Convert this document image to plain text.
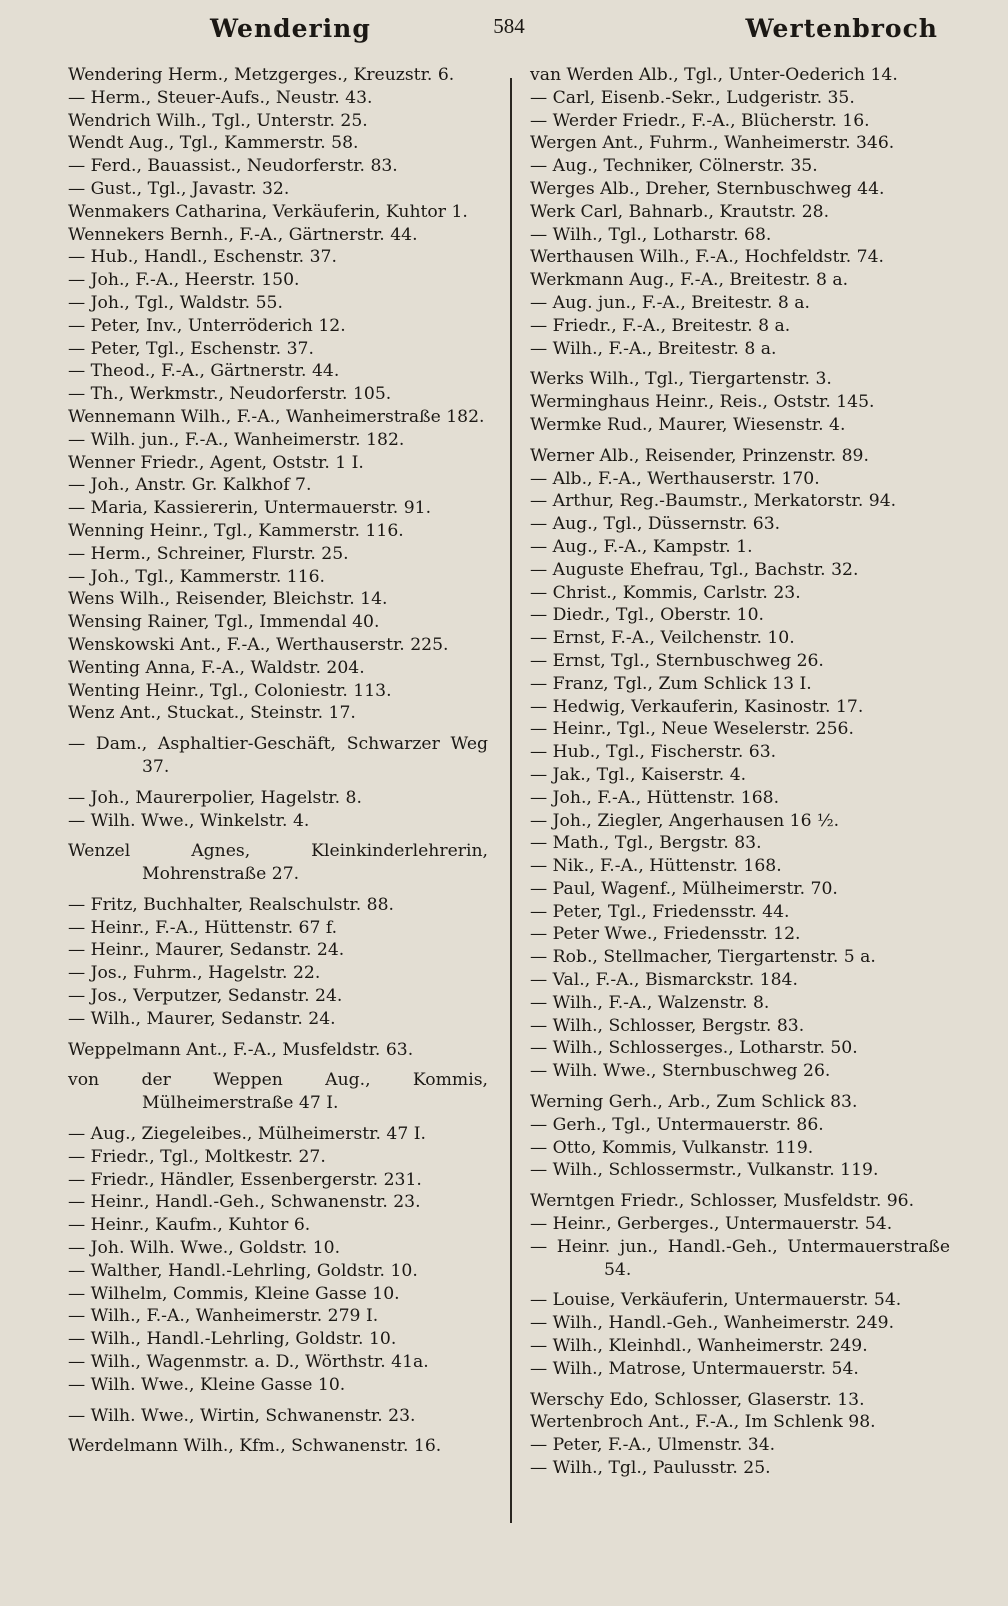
Wendering	584	Wertenbroch
Wendering Herm., Metzgerges., Kreuzstr. 6.
— Herm., Steuer-Aufs., Neustr. 43.
Wendrich Wilh., Tgl., Unterstr. 25.
Wendt Aug., Tgl., Kammerstr. 58.
— Ferd., Bauassist., Neudorferstr. 83.
— Gust., Tgl., Javastr. 32.
Wenmakers Catharina, Verkäuferin, Kuhtor 1.
Wennekers Bernh., F.-A., Gärtnerstr. 44.
— Hub., Handl., Eschenstr. 37.
— Joh., F.-A., Heerstr. 150.
— Joh., Tgl., Waldstr. 55.
— Peter, Inv., Unterröderich 12.
— Peter, Tgl., Eschenstr. 37.
— Theod., F.-A., Gärtnerstr. 44.
— Th., Werkmstr., Neudorferstr. 105.
Wennemann Wilh., F.-A., Wanheimerstraße 182.
— Wilh. jun., F.-A., Wanheimerstr. 182.
Wenner Friedr., Agent, Oststr. 1 I.
— Joh., Anstr. Gr. Kalkhof 7.
— Maria, Kassiererin, Untermauerstr. 91.
Wenning Heinr., Tgl., Kammerstr. 116.
— Herm., Schreiner, Flurstr. 25.
— Joh., Tgl., Kammerstr. 116.
Wens Wilh., Reisender, Bleichstr. 14.
Wensing Rainer, Tgl., Immendal 40.
Wenskowski Ant., F.-A., Werthauserstr. 225.
Wenting Anna, F.-A., Waldstr. 204.
Wenting Heinr., Tgl., Coloniestr. 113.
Wenz Ant., Stuckat., Steinstr. 17.
— Dam., Asphaltier-Geschäft, Schwarzer Weg 37.
— Joh., Maurerpolier, Hagelstr. 8.
— Wilh. Wwe., Winkelstr. 4.
Wenzel Agnes, Kleinkinderlehrerin, Mohrenstraße 27.
— Fritz, Buchhalter, Realschulstr. 88.
— Heinr., F.-A., Hüttenstr. 67 f.
— Heinr., Maurer, Sedanstr. 24.
— Jos., Fuhrm., Hagelstr. 22.
— Jos., Verputzer, Sedanstr. 24.
— Wilh., Maurer, Sedanstr. 24.
Weppelmann Ant., F.-A., Musfeldstr. 63.
von der Weppen Aug., Kommis, Mülheimerstraße 47 I.
— Aug., Ziegeleibes., Mülheimerstr. 47 I.
— Friedr., Tgl., Moltkestr. 27.
— Friedr., Händler, Essenbergerstr. 231.
— Heinr., Handl.-Geh., Schwanenstr. 23.
— Heinr., Kaufm., Kuhtor 6.
— Joh. Wilh. Wwe., Goldstr. 10.
— Walther, Handl.-Lehrling, Goldstr. 10.
— Wilhelm, Commis, Kleine Gasse 10.
— Wilh., F.-A., Wanheimerstr. 279 I.
— Wilh., Handl.-Lehrling, Goldstr. 10.
— Wilh., Wagenmstr. a. D., Wörthstr. 41a.
— Wilh. Wwe., Kleine Gasse 10.
— Wilh. Wwe., Wirtin, Schwanenstr. 23.
Werdelmann Wilh., Kfm., Schwanenstr. 16.
van Werden Alb., Tgl., Unter-Oederich 14.
— Carl, Eisenb.-Sekr., Ludgeristr. 35.
— Werder Friedr., F.-A., Blücherstr. 16.
Wergen Ant., Fuhrm., Wanheimerstr. 346.
— Aug., Techniker, Cölnerstr. 35.
Werges Alb., Dreher, Sternbuschweg 44.
Werk Carl, Bahnarb., Krautstr. 28.
— Wilh., Tgl., Lotharstr. 68.
Werthausen Wilh., F.-A., Hochfeldstr. 74.
Werkmann Aug., F.-A., Breitestr. 8 a.
— Aug. jun., F.-A., Breitestr. 8 a.
— Friedr., F.-A., Breitestr. 8 a.
— Wilh., F.-A., Breitestr. 8 a.
Werks Wilh., Tgl., Tiergartenstr. 3.
Werminghaus Heinr., Reis., Oststr. 145.
Wermke Rud., Maurer, Wiesenstr. 4.
Werner Alb., Reisender, Prinzenstr. 89.
— Alb., F.-A., Werthauserstr. 170.
— Arthur, Reg.-Baumstr., Merkatorstr. 94.
— Aug., Tgl., Düssernstr. 63.
— Aug., F.-A., Kampstr. 1.
— Auguste Ehefrau, Tgl., Bachstr. 32.
— Christ., Kommis, Carlstr. 23.
— Diedr., Tgl., Oberstr. 10.
— Ernst, F.-A., Veilchenstr. 10.
— Ernst, Tgl., Sternbuschweg 26.
— Franz, Tgl., Zum Schlick 13 I.
— Hedwig, Verkauferin, Kasinostr. 17.
— Heinr., Tgl., Neue Weselerstr. 256.
— Hub., Tgl., Fischerstr. 63.
— Jak., Tgl., Kaiserstr. 4.
— Joh., F.-A., Hüttenstr. 168.
— Joh., Ziegler, Angerhausen 16 ½.
— Math., Tgl., Bergstr. 83.
— Nik., F.-A., Hüttenstr. 168.
— Paul, Wagenf., Mülheimerstr. 70.
— Peter, Tgl., Friedensstr. 44.
— Peter Wwe., Friedensstr. 12.
— Rob., Stellmacher, Tiergartenstr. 5 a.
— Val., F.-A., Bismarckstr. 184.
— Wilh., F.-A., Walzenstr. 8.
— Wilh., Schlosser, Bergstr. 83.
— Wilh., Schlosserges., Lotharstr. 50.
— Wilh. Wwe., Sternbuschweg 26.
Werning Gerh., Arb., Zum Schlick 83.
— Gerh., Tgl., Untermauerstr. 86.
— Otto, Kommis, Vulkanstr. 119.
— Wilh., Schlossermstr., Vulkanstr. 119.
Werntgen Friedr., Schlosser, Musfeldstr. 96.
— Heinr., Gerberges., Untermauerstr. 54.
— Heinr. jun., Handl.-Geh., Untermauerstraße 54.
— Louise, Verkäuferin, Untermauerstr. 54.
— Wilh., Handl.-Geh., Wanheimerstr. 249.
— Wilh., Kleinhdl., Wanheimerstr. 249.
— Wilh., Matrose, Untermauerstr. 54.
Werschy Edo, Schlosser, Glaserstr. 13.
Wertenbroch Ant., F.-A., Im Schlenk 98.
— Peter, F.-A., Ulmenstr. 34.
— Wilh., Tgl., Paulusstr. 25.
